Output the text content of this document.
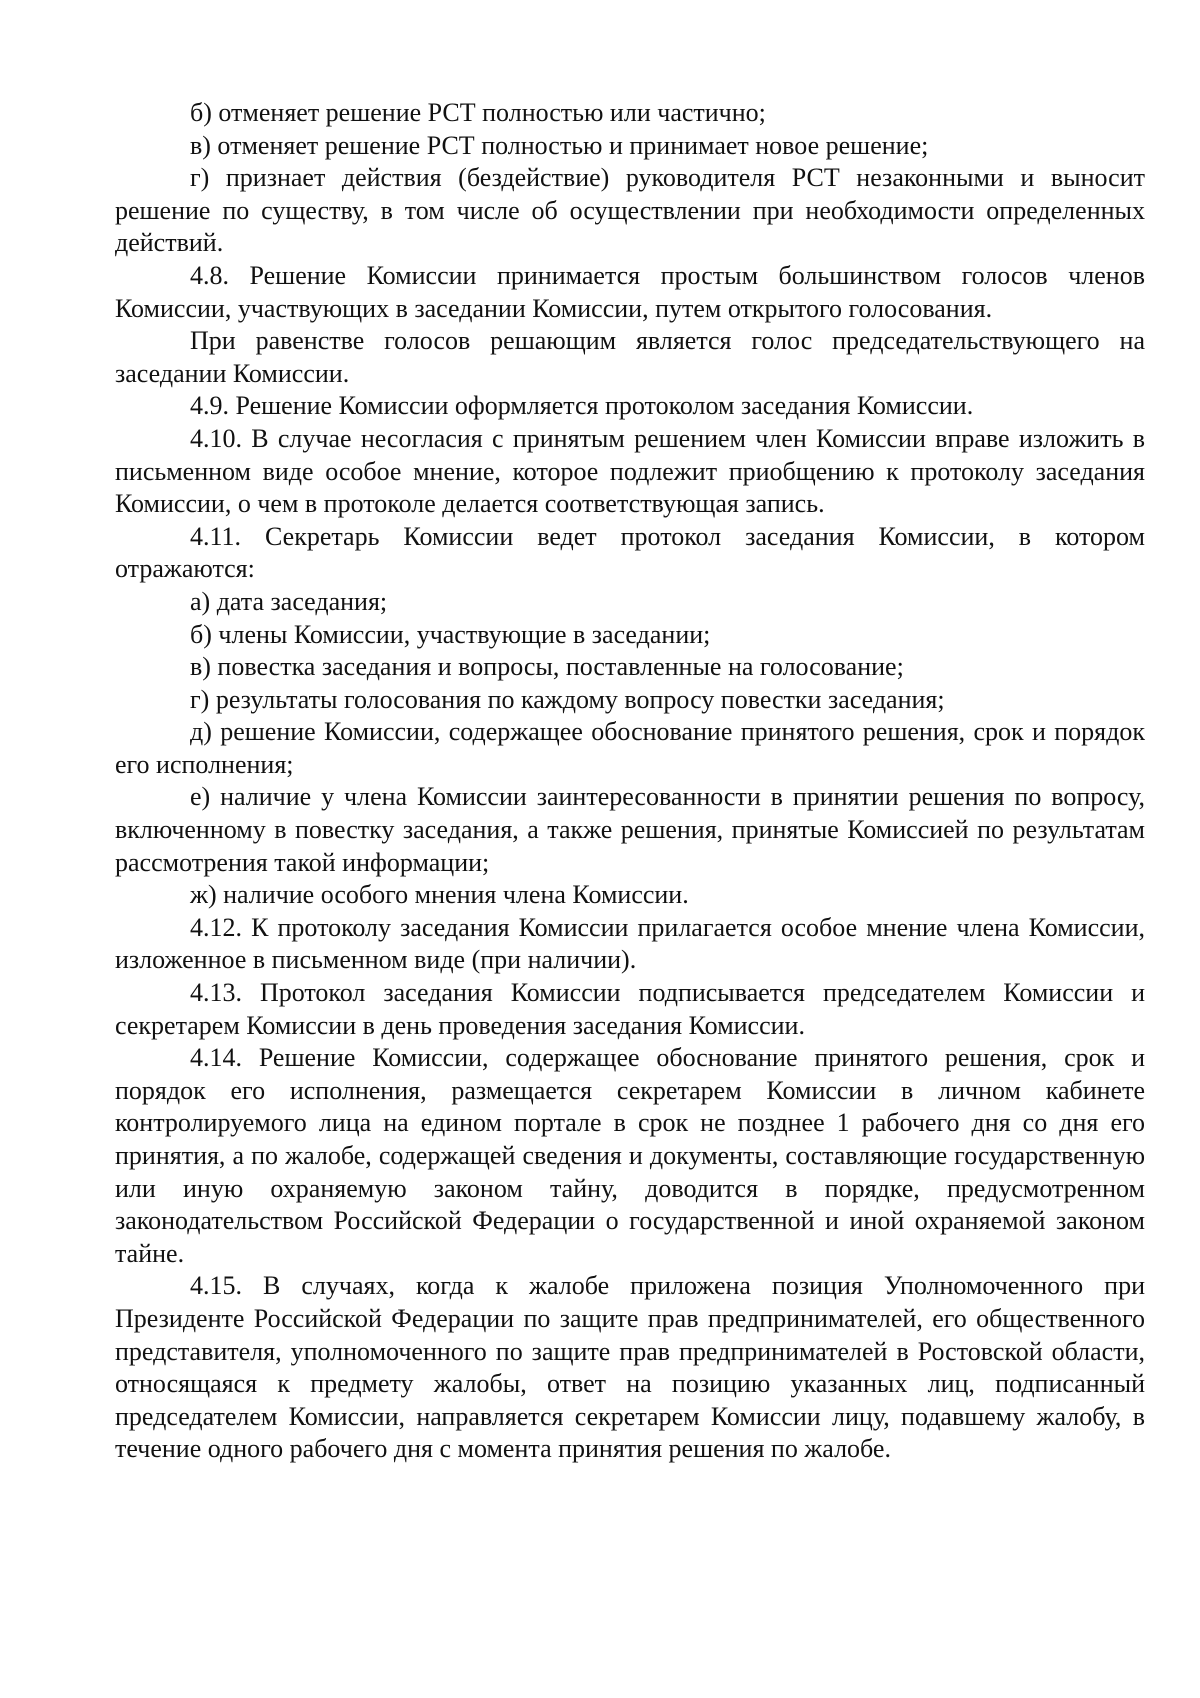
б) отменяет решение РСТ полностью или частично;

в) отменяет решение РСТ полностью и принимает новое решение;

г) признает действия (бездействие) руководителя РСТ незаконными и выносит решение по существу, в том числе об осуществлении при необходимости определенных действий.

4.8. Решение Комиссии принимается простым большинством голосов членов Комиссии, участвующих в заседании Комиссии, путем открытого голосования.

При равенстве голосов решающим является голос председательствующего на заседании Комиссии.

4.9. Решение Комиссии оформляется протоколом заседания Комиссии.

4.10. В случае несогласия с принятым решением член Комиссии вправе изложить в письменном виде особое мнение, которое подлежит приобщению к протоколу заседания Комиссии, о чем в протоколе делается соответствующая запись.

4.11. Секретарь Комиссии ведет протокол заседания Комиссии, в котором отражаются:

а) дата заседания;

б) члены Комиссии, участвующие в заседании;

в) повестка заседания и вопросы, поставленные на голосование;

г) результаты голосования по каждому вопросу повестки заседания;

д) решение Комиссии, содержащее обоснование принятого решения, срок и порядок его исполнения;

е) наличие у члена Комиссии заинтересованности в принятии решения по вопросу, включенному в повестку заседания, а также решения, принятые Комиссией по результатам рассмотрения такой информации;

ж) наличие особого мнения члена Комиссии.

4.12. К протоколу заседания Комиссии прилагается особое мнение члена Комиссии, изложенное в письменном виде (при наличии).

4.13. Протокол заседания Комиссии подписывается председателем Комиссии и секретарем Комиссии в день проведения заседания Комиссии.

4.14. Решение Комиссии, содержащее обоснование принятого решения, срок и порядок его исполнения, размещается секретарем Комиссии в личном кабинете контролируемого лица на едином портале в срок не позднее 1 рабочего дня со дня его принятия, а по жалобе, содержащей сведения и документы, составляющие государственную или иную охраняемую законом тайну, доводится в порядке, предусмотренном законодательством Российской Федерации о государственной и иной охраняемой законом тайне.

4.15. В случаях, когда к жалобе приложена позиция Уполномоченного при Президенте Российской Федерации по защите прав предпринимателей, его общественного представителя, уполномоченного по защите прав предпринимателей в Ростовской области, относящаяся к предмету жалобы, ответ на позицию указанных лиц, подписанный председателем Комиссии, направляется секретарем Комиссии лицу, подавшему жалобу, в течение одного рабочего дня с момента принятия решения по жалобе.
